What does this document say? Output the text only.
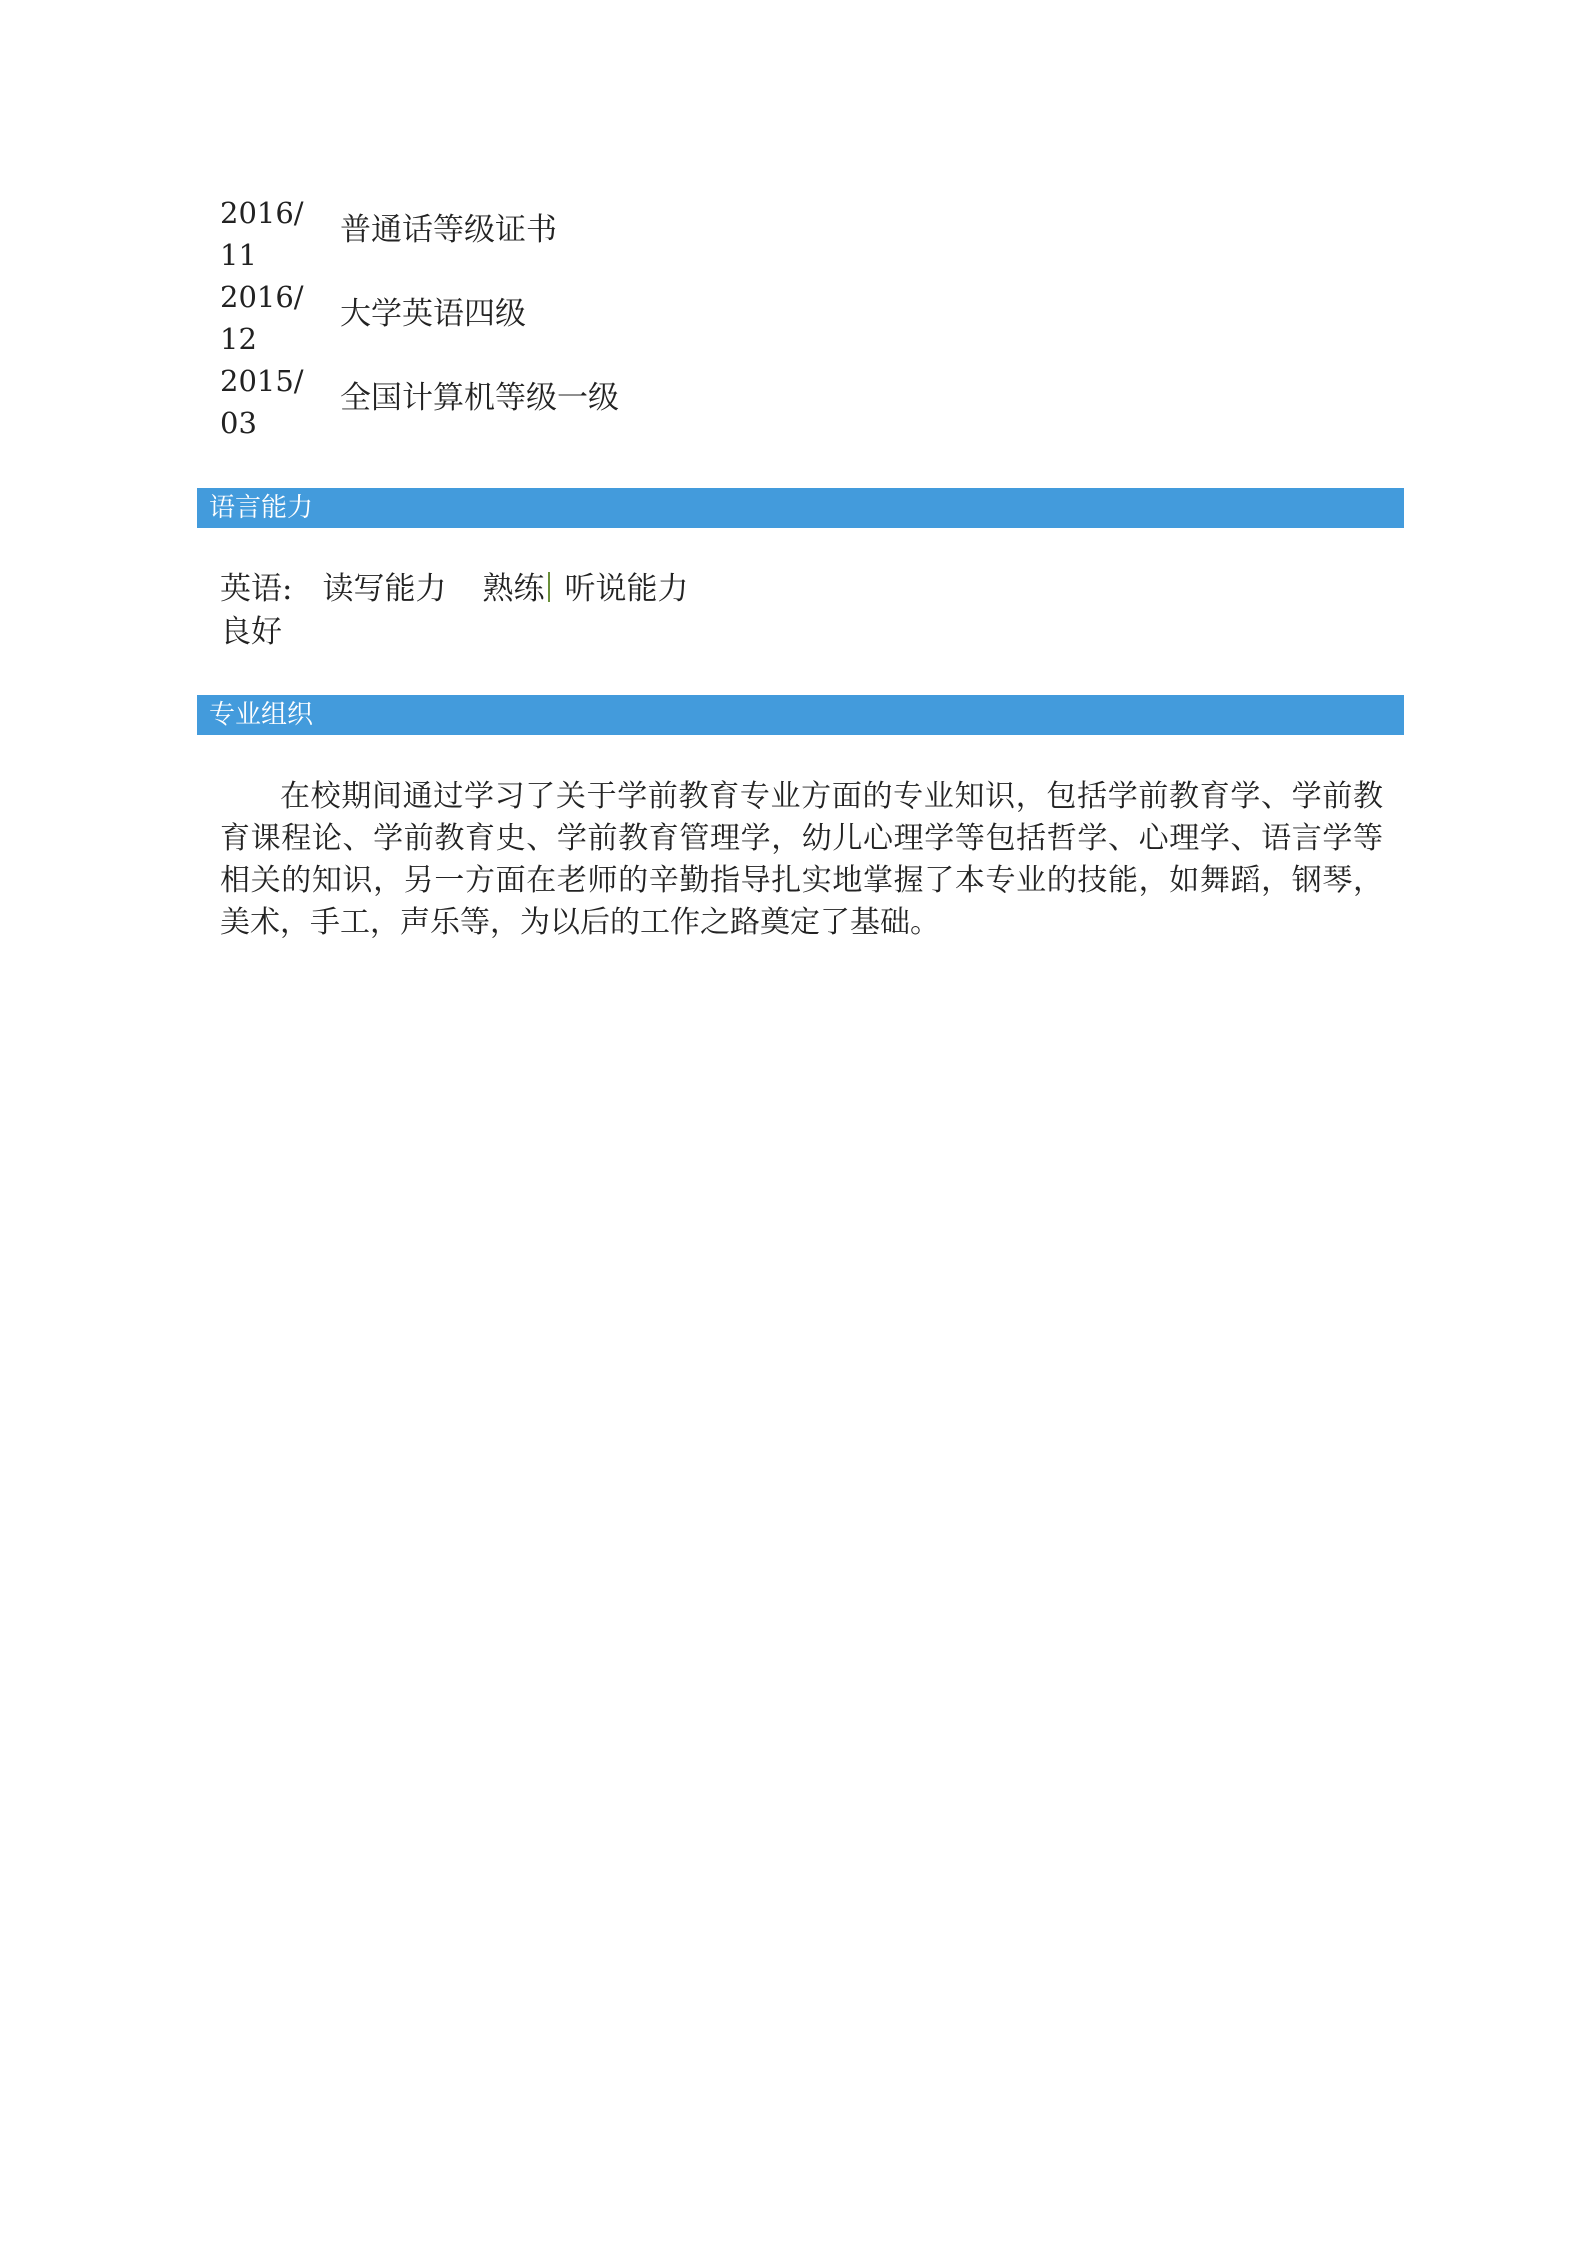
2016/
11
普通话等级证书
2016/
12
大学英语四级
2015/
03
全国计算机等级一级
语言能力
英语: 读写能力 熟练 听说能力良好
专业组织
在校期间通过学习了关于学前教育专业方面的专业知识，包括学前教育学、学前教育课程论、学前教育史、学前教育管理学，幼儿心理学等包括哲学、心理学、语言学等相关的知识，另一方面在老师的辛勤指导扎实地掌握了本专业的技能，如舞蹈，钢琴，美术，手工，声乐等，为以后的工作之路奠定了基础。
